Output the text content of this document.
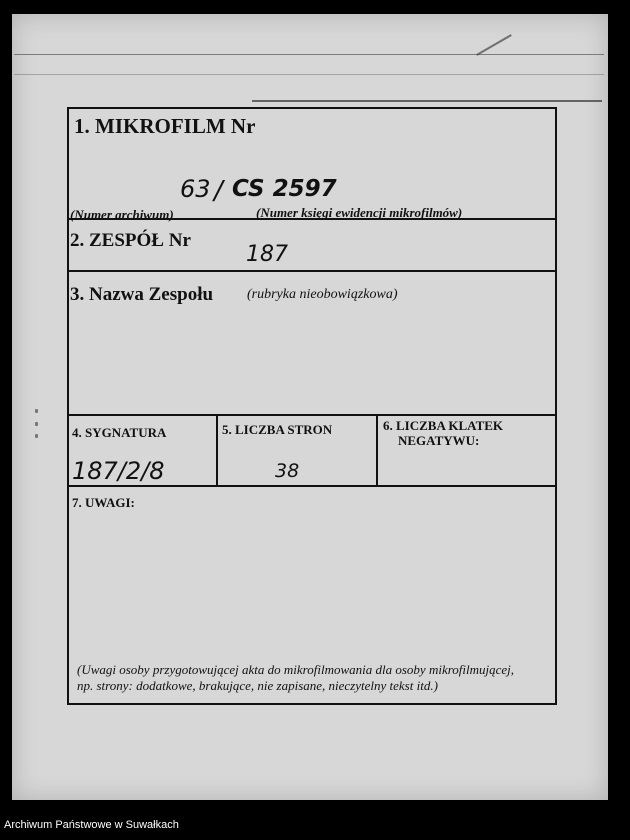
1. MIKROFILM Nr
63 / CS 2597
(Numer archiwum)	(Numer księgi ewidencji mikrofilmów)
2. ZESPÓŁ Nr
187
3. Nazwa Zespołu (rubryka nieobowiązkowa)
4. SYGNATURA
187/2/8
5. LICZBA STRON
38
6. LICZBA KLATEK
NEGATYWU:
7. UWAGI:
(Uwagi osoby przygotowującej akta do mikrofilmowania dla osoby mikrofilmującej,
np. strony: dodatkowe, brakujące, nie zapisane, nieczytelny tekst itd.)
Archiwum Państwowe w Suwałkach
